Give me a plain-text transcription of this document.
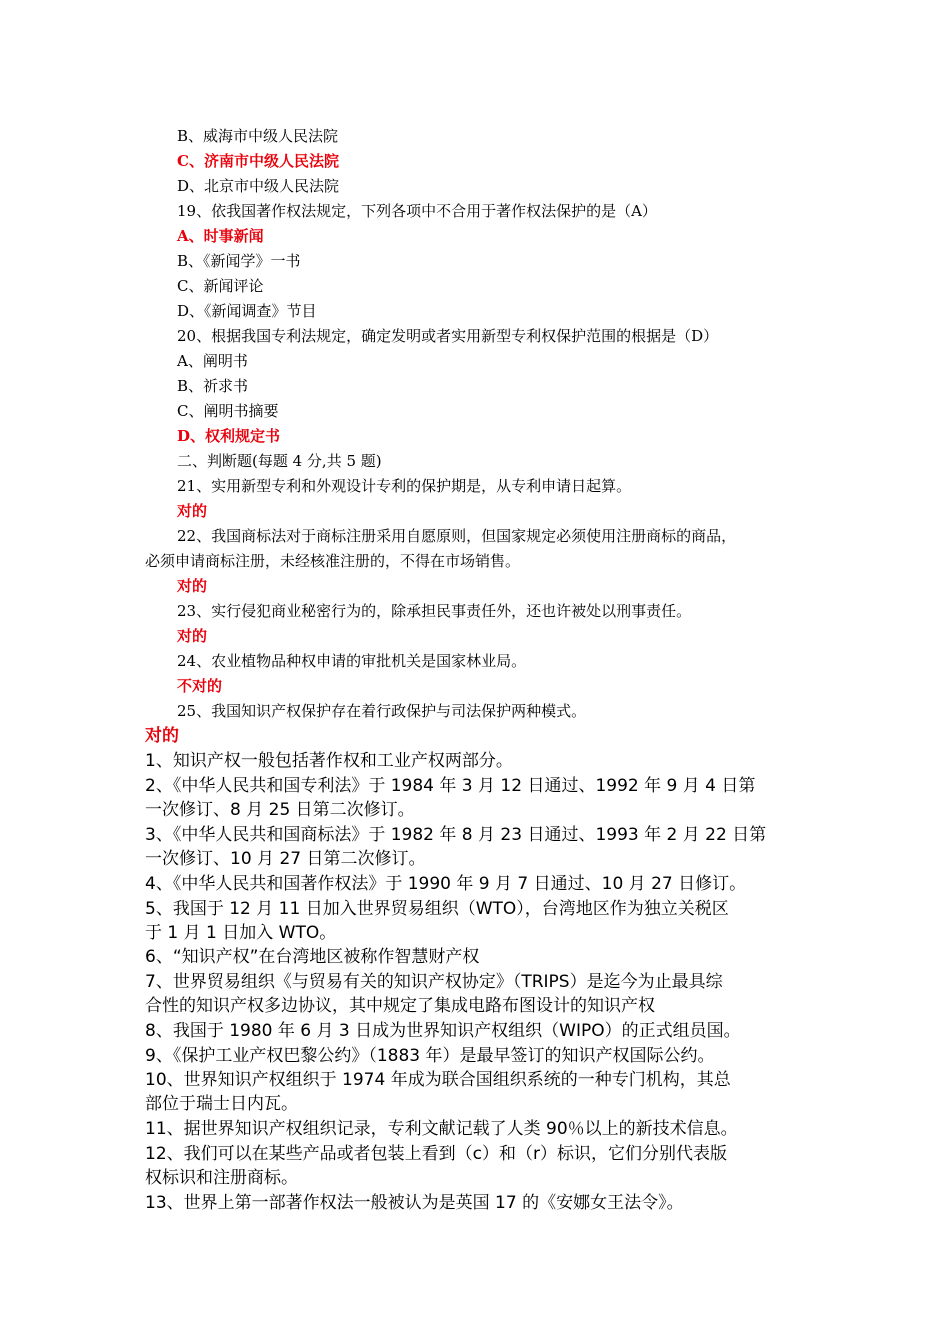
B、威海市中级人民法院
C、济南市中级人民法院
D、北京市中级人民法院
19、依我国著作权法规定，下列各项中不合用于著作权法保护的是（A）
A、时事新闻
B、《新闻学》一书
C、新闻评论
D、《新闻调查》节目
20、根据我国专利法规定，确定发明或者实用新型专利权保护范围的根据是（D）
A、阐明书
B、祈求书
C、阐明书摘要
D、权利规定书
二、判断题(每题 4 分,共 5 题)
21、实用新型专利和外观设计专利的保护期是，从专利申请日起算。
对的
22、我国商标法对于商标注册采用自愿原则，但国家规定必须使用注册商标的商品，
必须申请商标注册，未经核准注册的，不得在市场销售。
对的
23、实行侵犯商业秘密行为的，除承担民事责任外，还也许被处以刑事责任。
对的
24、农业植物品种权申请的审批机关是国家林业局。
不对的
25、我国知识产权保护存在着行政保护与司法保护两种模式。
对的
1、知识产权一般包括著作权和工业产权两部分。
2、《中华人民共和国专利法》于 1984 年 3 月 12 日通过、1992 年 9 月 4 日第
一次修订、8 月 25 日第二次修订。
3、《中华人民共和国商标法》于 1982 年 8 月 23 日通过、1993 年 2 月 22 日第
一次修订、10 月 27 日第二次修订。
4、《中华人民共和国著作权法》于 1990 年 9 月 7 日通过、10 月 27 日修订。
5、我国于 12 月 11 日加入世界贸易组织（WTO），台湾地区作为独立关税区
于 1 月 1 日加入 WTO。
6、“知识产权”在台湾地区被称作智慧财产权
7、世界贸易组织《与贸易有关的知识产权协定》（TRIPS）是迄今为止最具综
合性的知识产权多边协议，其中规定了集成电路布图设计的知识产权
8、我国于 1980 年 6 月 3 日成为世界知识产权组织（WIPO）的正式组员国。
9、《保护工业产权巴黎公约》（1883 年）是最早签订的知识产权国际公约。
10、世界知识产权组织于 1974 年成为联合国组织系统的一种专门机构，其总
部位于瑞士日内瓦。
11、据世界知识产权组织记录，专利文献记载了人类 90％以上的新技术信息。
12、我们可以在某些产品或者包装上看到（c）和（r）标识，它们分别代表版
权标识和注册商标。
13、世界上第一部著作权法一般被认为是英国 17 的《安娜女王法令》。
